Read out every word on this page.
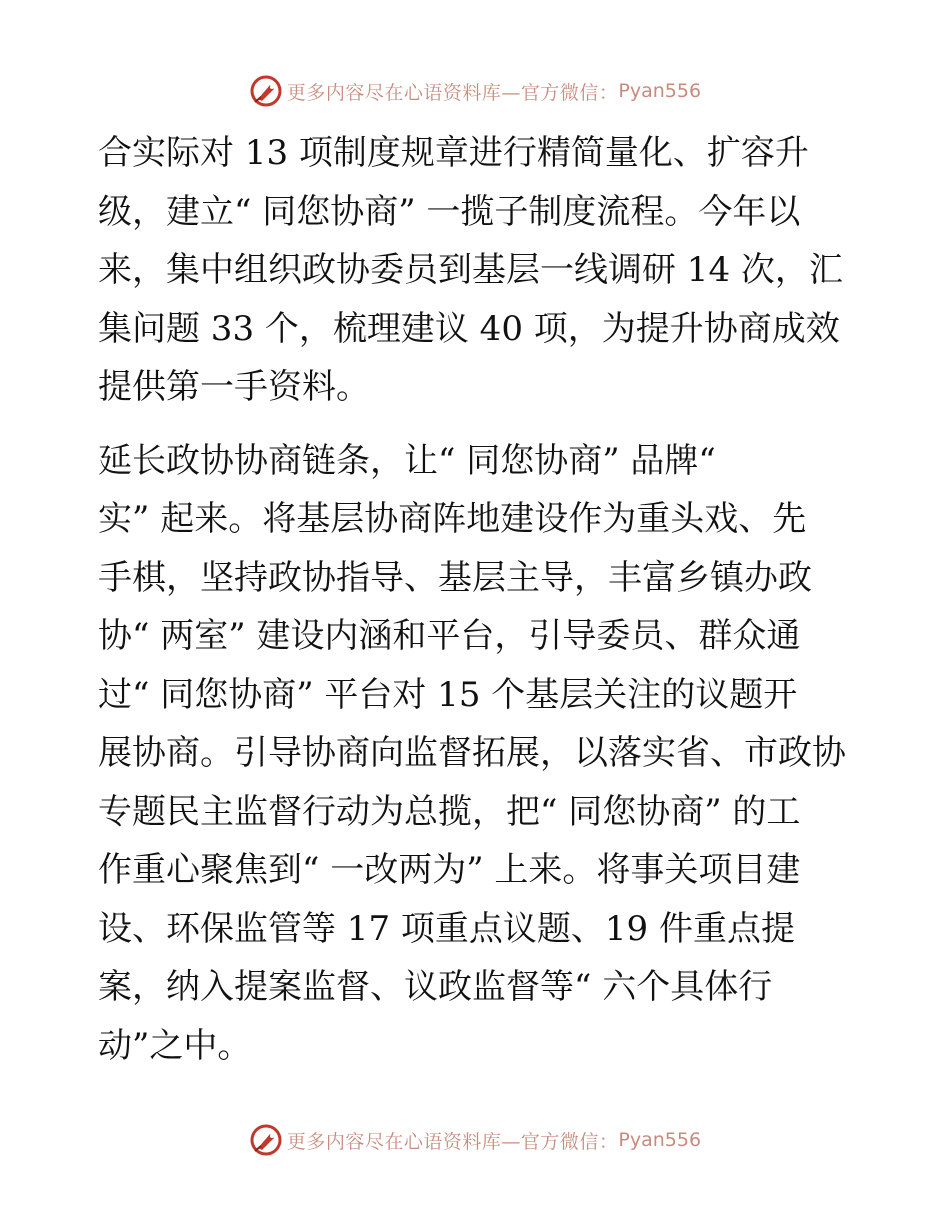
更多内容尽在心语资料库—官方微信： Pyan556
合实际对 13 项制度规章进行精简量化、扩容升
级，建立“ 同您协商” 一揽子制度流程。今年以
来，集中组织政协委员到基层一线调研 14 次，汇
集问题 33 个，梳理建议 40 项，为提升协商成效
提供第一手资料。
延长政协协商链条，让“ 同您协商” 品牌“
实” 起来。将基层协商阵地建设作为重头戏、先
手棋，坚持政协指导、基层主导，丰富乡镇办政
协“ 两室” 建设内涵和平台，引导委员、群众通
过“ 同您协商” 平台对 15 个基层关注的议题开
展协商。引导协商向监督拓展，以落实省、市政协
专题民主监督行动为总揽，把“ 同您协商” 的工
作重心聚焦到“ 一改两为” 上来。将事关项目建
设、环保监管等 17 项重点议题、19 件重点提
案，纳入提案监督、议政监督等“ 六个具体行
动”之中。
更多内容尽在心语资料库—官方微信： Pyan556
